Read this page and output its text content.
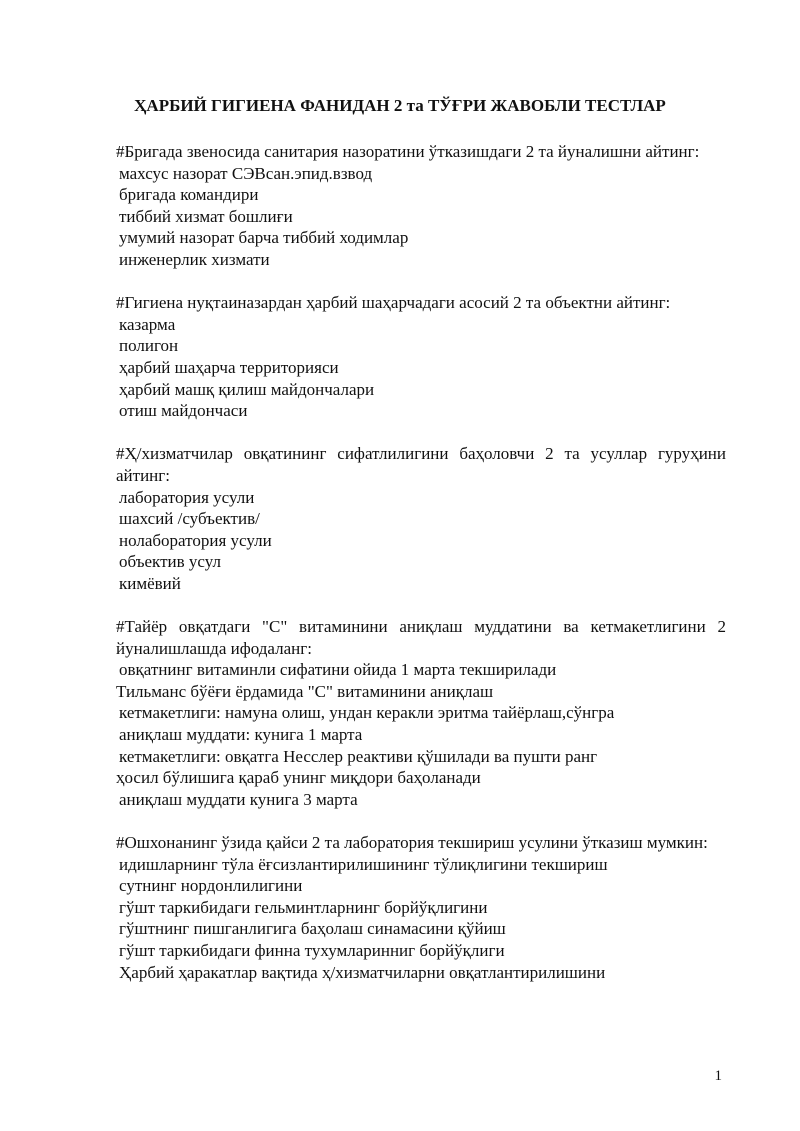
ҲАРБИЙ ГИГИЕНА ФАНИДАН 2 та ТЎҒРИ ЖАВОБЛИ ТЕСТЛАР
#Бригада звеносида санитария назоратини ўтказишдаги 2 та йуналишни айтинг:
махсус назорат СЭВсан.эпид.взвод
бригада командири
тиббий хизмат бошлиғи
умумий назорат барча тиббий ходимлар
инженерлик хизмати
#Гигиена нуқтаиназардан ҳарбий шаҳарчадаги асосий 2 та объектни айтинг:
казарма
полигон
ҳарбий шаҳарча территорияси
ҳарбий машқ қилиш майдончалари
отиш майдончаси
#Ҳ/хизматчилар овқатининг сифатлилигини баҳоловчи 2 та усуллар гуруҳини айтинг:
лаборатория усули
шахсий /субъектив/
нолаборатория усули
объектив усул
кимёвий
#Тайёр овқатдаги "С" витаминини аниқлаш муддатини ва кетмакетлигини 2 йуналишлашда ифодаланг:
овқатнинг витаминли сифатини ойида 1 марта текширилади
Тильманс бўёғи ёрдамида "С" витаминини аниқлаш
кетмакетлиги: намуна олиш, ундан керакли эритма тайёрлаш,сўнгра
аниқлаш муддати: кунига 1 марта
кетмакетлиги: овқатга Несслер реактиви қўшилади ва пушти ранг
ҳосил бўлишига қараб унинг миқдори баҳоланади
аниқлаш муддати кунига 3 марта
#Ошхонанинг ўзида қайси 2 та лаборатория текшириш усулини ўтказиш мумкин:
идишларнинг тўла ёғсизлантирилишининг тўлиқлигини текшириш
сутнинг нордонлилигини
гўшт таркибидаги гельминтларнинг борйўқлигини
гўштнинг пишганлигига баҳолаш синамасини қўйиш
гўшт таркибидаги финна тухумларинниг борйўқлиги
Ҳарбий ҳаракатлар вақтида ҳ/хизматчиларни овқатлантирилишини
1
